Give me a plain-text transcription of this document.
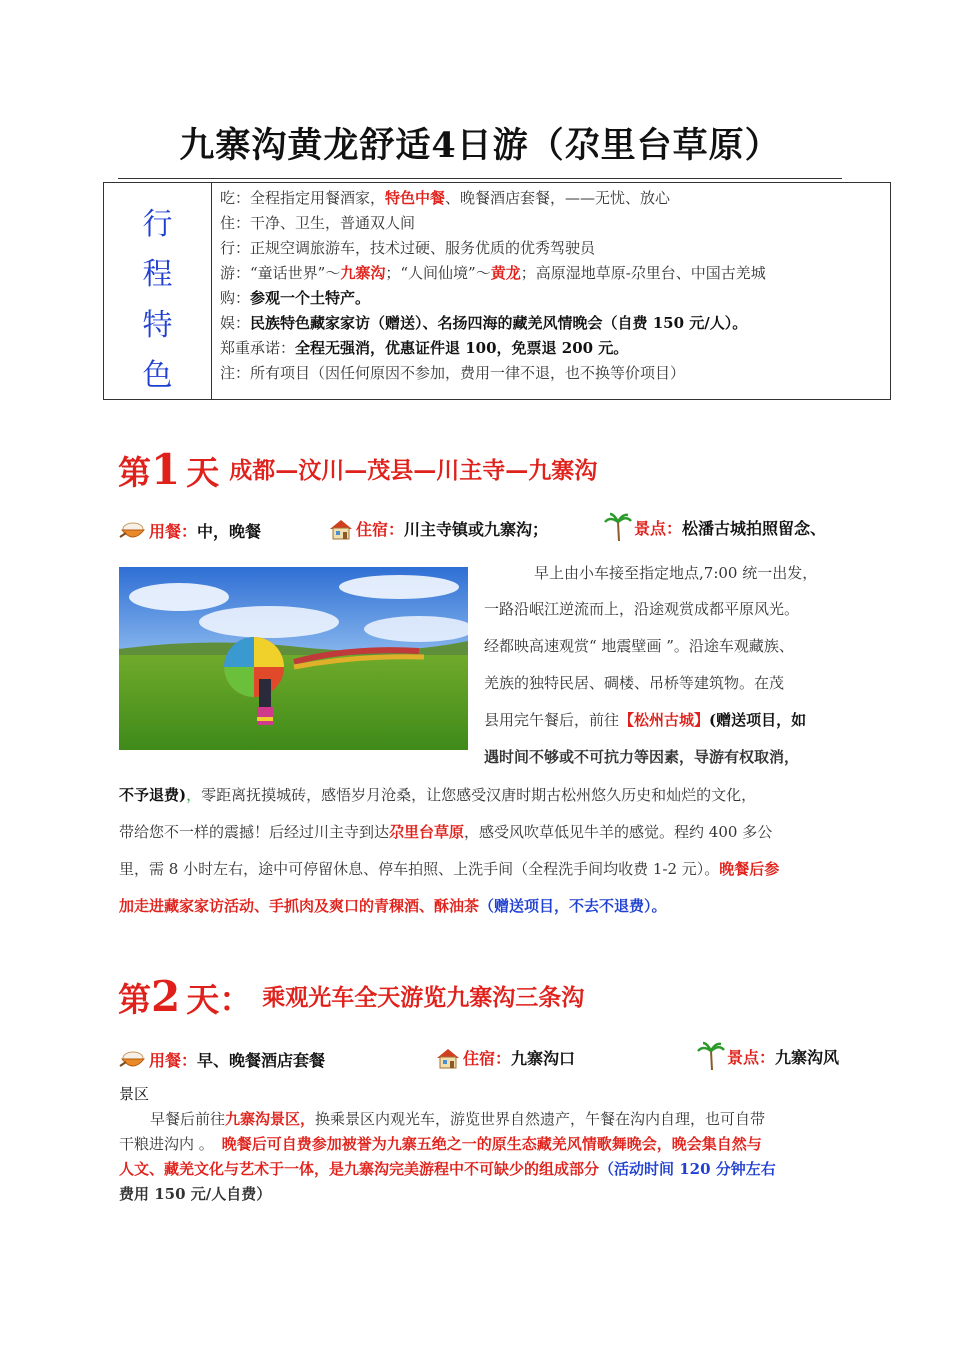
九寨沟黄龙舒适4日游（尕里台草原）
行
程
特
色
吃：全程指定用餐酒家，特色中餐、晚餐酒店套餐，——无忧、放心
住：干净、卫生，普通双人间
行：正规空调旅游车，技术过硬、服务优质的优秀驾驶员
游：“童话世界”～九寨沟；“人间仙境”～黄龙；高原湿地草原-尕里台、中国古羌城
购：参观一个土特产。
娱：民族特色藏家家访（赠送）、名扬四海的藏羌风情晚会（自费 150 元/人）。
郑重承诺：全程无强消，优惠证件退 100，免票退 200 元。
注：所有项目（因任何原因不参加，费用一律不退，也不换等价项目）
第1 天 成都—汶川—茂县—川主寺—九寨沟
用餐： 中，晚餐	住宿： 川主寺镇或九寨沟；	景点： 松潘古城拍照留念、
早上由小车接至指定地点,7:00 统一出发，
一路沿岷江逆流而上，沿途观赏成都平原风光。
经都映高速观赏“ 地震壁画 ”。沿途车观藏族、
羌族的独特民居、碉楼、吊桥等建筑物。在茂
县用完午餐后，前往【松州古城】(赠送项目，如
遇时间不够或不可抗力等因素，导游有权取消，
不予退费)，零距离抚摸城砖，感悟岁月沧桑，让您感受汉唐时期古松州悠久历史和灿烂的文化，
带给您不一样的震撼！后经过川主寺到达尕里台草原，感受风吹草低见牛羊的感觉。程约 400 多公
里，需 8 小时左右，途中可停留休息、停车拍照、上洗手间（全程洗手间均收费 1-2 元）。晚餐后参
加走进藏家家访活动、手抓肉及爽口的青稞酒、酥油茶（赠送项目，不去不退费）。
第2 天： 乘观光车全天游览九寨沟三条沟
用餐： 早、晚餐酒店套餐	住宿： 九寨沟口	景点： 九寨沟风
景区
早餐后前往九寨沟景区，换乘景区内观光车，游览世界自然遗产，午餐在沟内自理，也可自带
干粮进沟内 。 晚餐后可自费参加被誉为九寨五绝之一的原生态藏羌风情歌舞晚会，晚会集自然与
人文、藏羌文化与艺术于一体，是九寨沟完美游程中不可缺少的组成部分（活动时间 120 分钟左右
费用 150 元/人自费）
